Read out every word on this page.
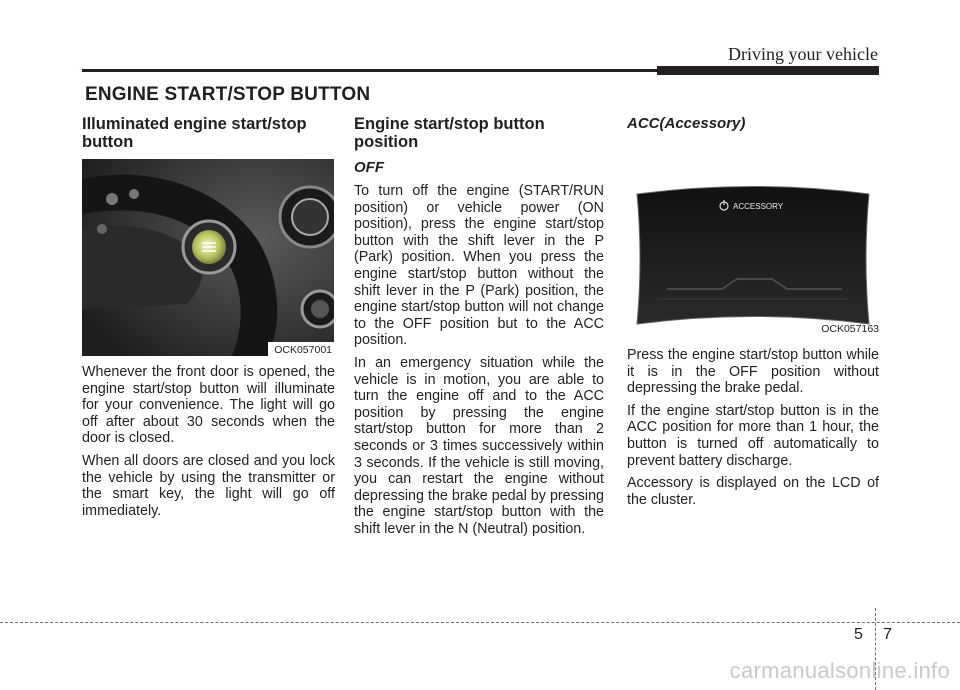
Driving your vehicle
ENGINE START/STOP BUTTON
Illuminated engine start/stop button
OCK057001

Whenever the front door is opened, the engine start/stop button will illuminate for your convenience. The light will go off after about 30 seconds when the door is closed.

When all doors are closed and you lock the vehicle by using the transmitter or the smart key, the light will go off immediately.

Engine start/stop button position
OFF

To turn off the engine (START/RUN position) or vehicle power (ON position), press the engine start/stop button with the shift lever in the P (Park) position. When you press the engine start/stop button without the shift lever in the P (Park) position, the engine start/stop button will not change to the OFF position but to the ACC position.

In an emergency situation while the vehicle is in motion, you are able to turn the engine off and to the ACC position by pressing the engine start/stop button for more than 2 seconds or 3 times successively within 3 seconds. If the vehicle is still moving, you can restart the engine without depressing the brake pedal by pressing the engine start/stop button with the shift lever in the N (Neutral) position.

ACC(Accessory)
ACCESSORY
OCK057163

Press the engine start/stop button while it is in the OFF position without depressing the brake pedal.

If the engine start/stop button is in the ACC position for more than 1 hour, the button is turned off automatically to prevent battery discharge.

Accessory is displayed on the LCD of the cluster.

5 7
carmanualsonline.info
